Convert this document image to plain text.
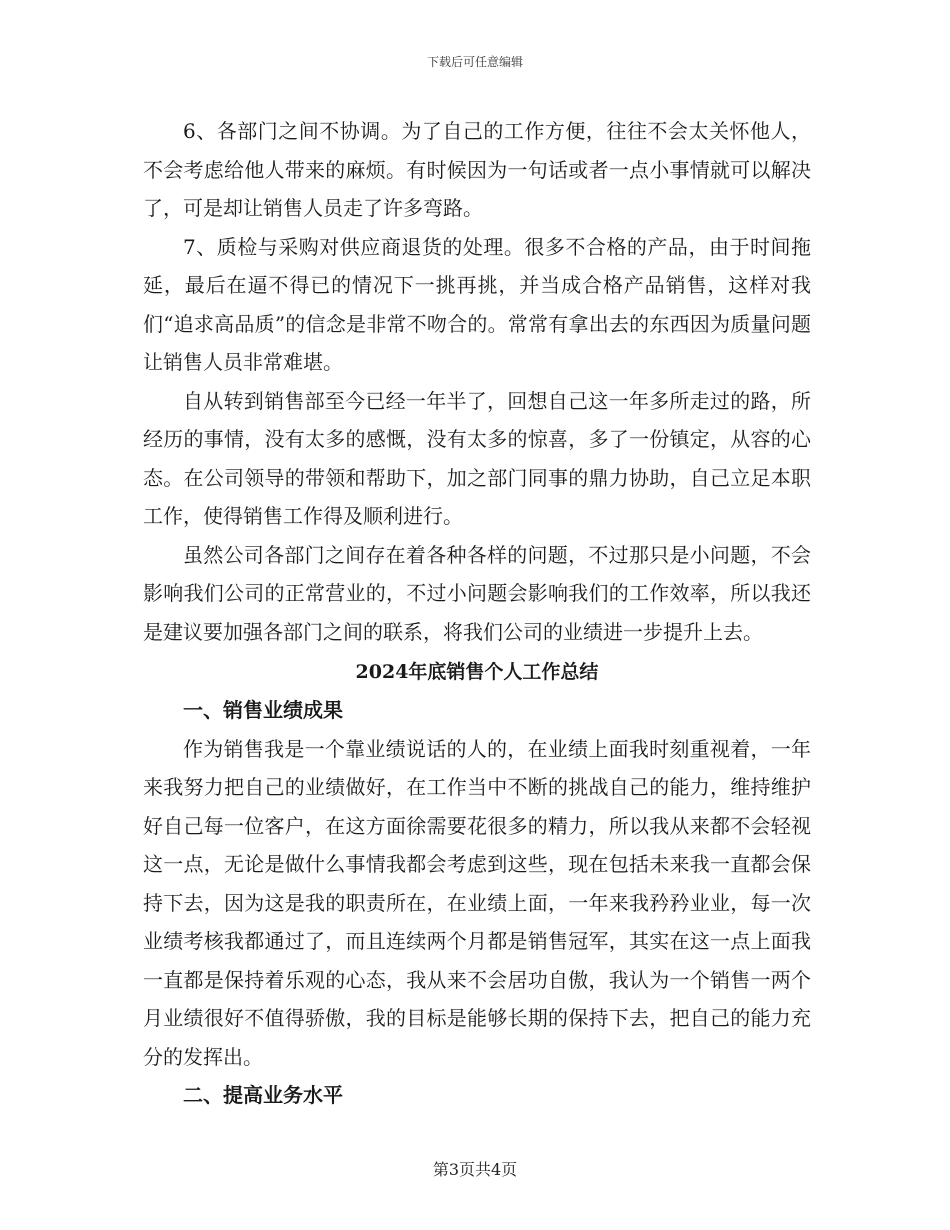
下载后可任意编辑

6、各部门之间不协调。为了自己的工作方便，往往不会太关怀他人，不会考虑给他人带来的麻烦。有时候因为一句话或者一点小事情就可以解决了，可是却让销售人员走了许多弯路。

7、质检与采购对供应商退货的处理。很多不合格的产品，由于时间拖延，最后在逼不得已的情况下一挑再挑，并当成合格产品销售，这样对我们“追求高品质”的信念是非常不吻合的。常常有拿出去的东西因为质量问题让销售人员非常难堪。

自从转到销售部至今已经一年半了，回想自己这一年多所走过的路，所经历的事情，没有太多的感慨，没有太多的惊喜，多了一份镇定，从容的心态。在公司领导的带领和帮助下，加之部门同事的鼎力协助，自己立足本职工作，使得销售工作得及顺利进行。

虽然公司各部门之间存在着各种各样的问题，不过那只是小问题，不会影响我们公司的正常营业的，不过小问题会影响我们的工作效率，所以我还是建议要加强各部门之间的联系，将我们公司的业绩进一步提升上去。

2024年底销售个人工作总结
一、销售业绩成果

作为销售我是一个靠业绩说话的人的，在业绩上面我时刻重视着，一年来我努力把自己的业绩做好，在工作当中不断的挑战自己的能力，维持维护好自己每一位客户，在这方面徐需要花很多的精力，所以我从来都不会轻视这一点，无论是做什么事情我都会考虑到这些，现在包括未来我一直都会保持下去，因为这是我的职责所在，在业绩上面，一年来我矜矜业业，每一次业绩考核我都通过了，而且连续两个月都是销售冠军，其实在这一点上面我一直都是保持着乐观的心态，我从来不会居功自傲，我认为一个销售一两个月业绩很好不值得骄傲，我的目标是能够长期的保持下去，把自己的能力充分的发挥出。

二、提高业务水平
第3页共4页
